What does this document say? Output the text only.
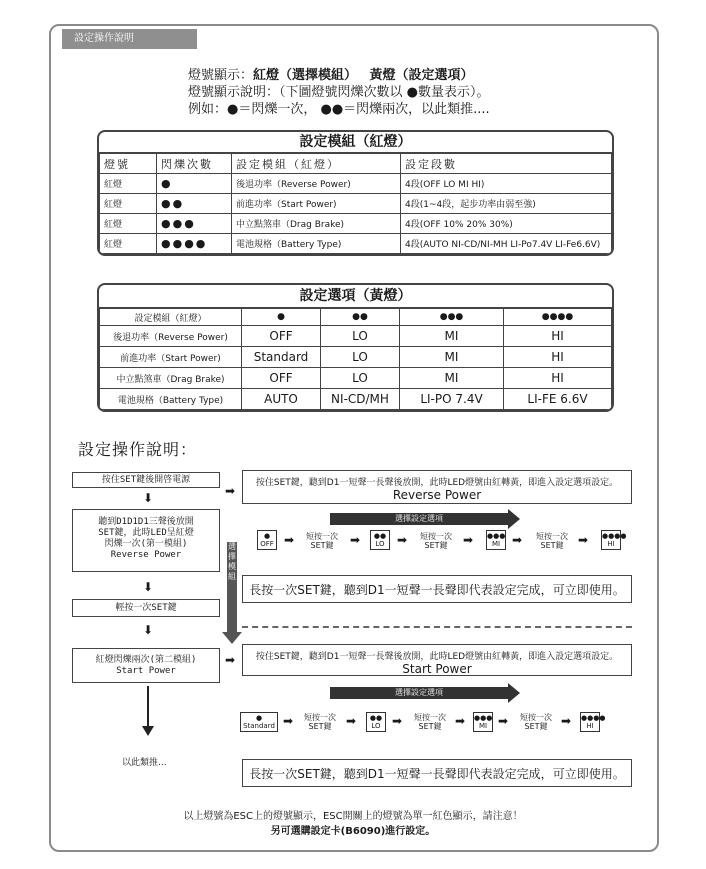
設定操作說明
燈號顯示：紅燈（選擇模組） 黃燈（設定選項）
燈號顯示說明：（下圖燈號閃爍次數以 ●數量表示）。
例如：●＝閃爍一次， ●●＝閃爍兩次，以此類推....
設定模組（紅燈）
燈號	閃爍次數	設定模組（紅燈）	設定段數
紅燈	●	後退功率（Reverse Power)	4段(OFF LO MI HI)
紅燈	●●	前進功率（Start Power)	4段(1~4段，起步功率由弱至強)
紅燈	●●●	中立點煞車（Drag Brake)	4段(OFF 10% 20% 30%)
紅燈	●●●●	電池規格（Battery Type)	4段(AUTO NI-CD/NI-MH LI-Po7.4V LI-Fe6.6V)
設定選項（黃燈）
設定模組（紅燈）	●	●●	●●●	●●●●
後退功率（Reverse Power)	OFF	LO	MI	HI
前進功率（Start Power)	Standard	LO	MI	HI
中立點煞車（Drag Brake)	OFF	LO	MI	HI
電池規格（Battery Type)	AUTO	NI-CD/MH	LI-PO 7.4V	LI-FE 6.6V
設定操作說明：
按住SET鍵後開啓電源
⬇
聽到D1D1D1三聲後放開
SET鍵，此時LED呈紅燈
閃爍一次(第一模組)
Reverse Power
⬇
輕按一次SET鍵
⬇
紅燈閃爍兩次(第二模組)
Start Power
以此類推...
選擇模組
➡
按住SET鍵，聽到D1一短聲一長聲後放開，此時LED燈號由紅轉黃，即進入設定選項設定。
Reverse Power
選擇設定選項
●
OFF ➡	短按一次SET鍵	➡	●●
LO	➡	短按一次SET鍵	➡ ●●●
MI ➡	短按一次SET鍵	➡ ●●●●
HI
長按一次SET鍵，聽到D1一短聲一長聲即代表設定完成，可立即使用。
➡	按住SET鍵，聽到D1一短聲一長聲後放開，此時LED燈號由紅轉黃，即進入設定選項設定。
Start Power
選擇設定選項
●
Standard ➡	短按一次SET鍵	➡	●●
LO ➡	短按一次SET鍵	➡ ●●●
MI ➡	短按一次SET鍵	➡ ●●●●
HI
長按一次SET鍵，聽到D1一短聲一長聲即代表設定完成，可立即使用。
以上燈號為ESC上的燈號顯示，ESC開關上的燈號為單一紅色顯示，請注意！
另可選購設定卡(B6090)進行設定。
